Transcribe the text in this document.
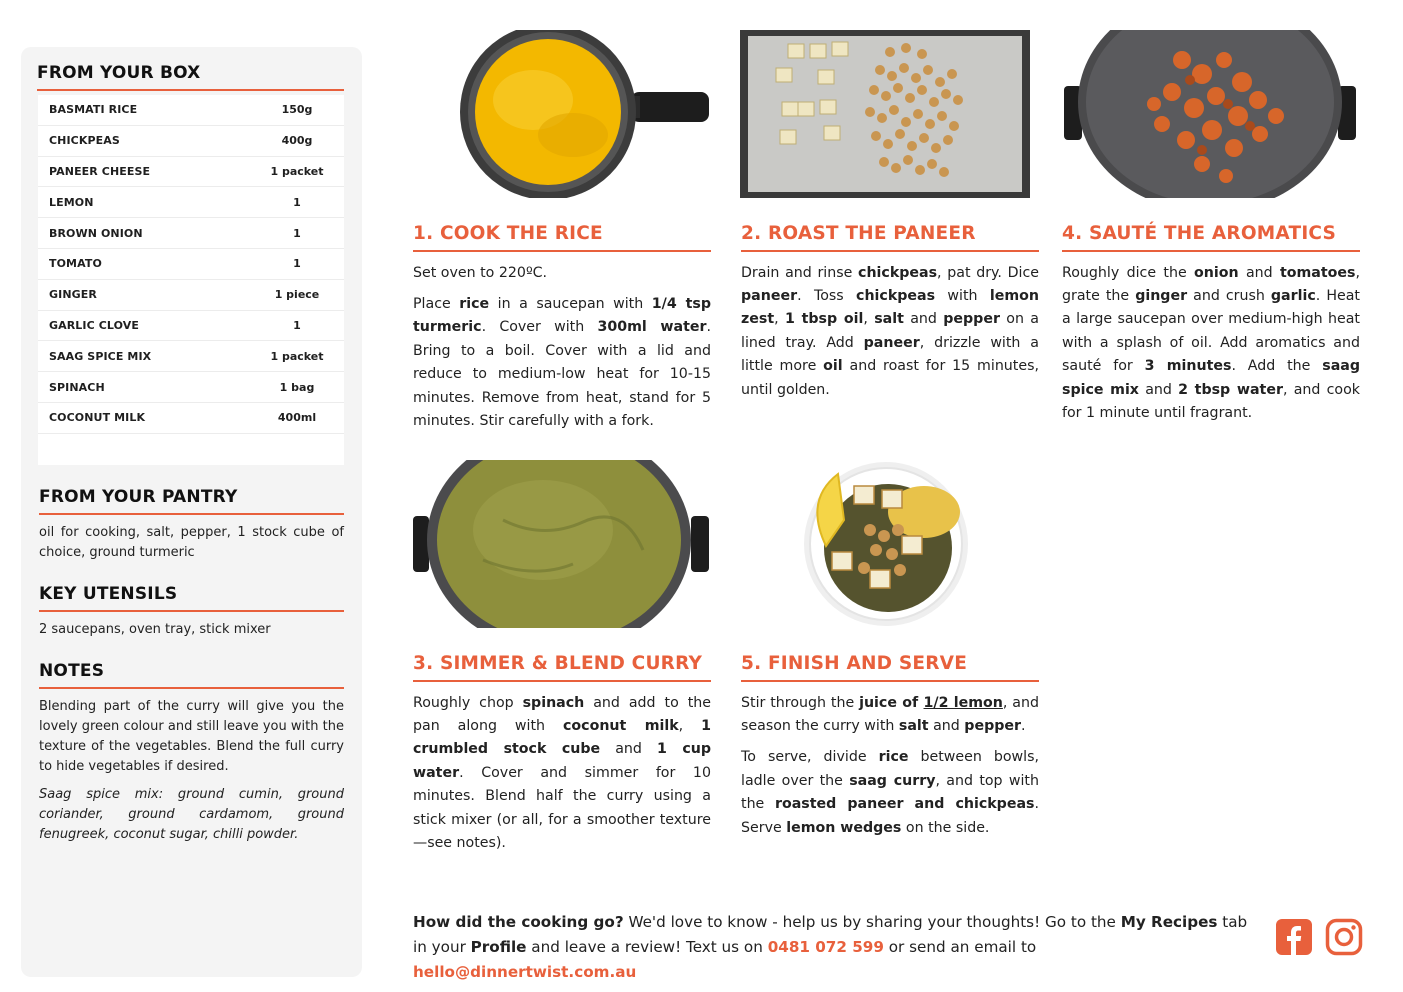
FROM YOUR BOX
BASMATI RICE	150g
CHICKPEAS	400g
PANEER CHEESE	1 packet
LEMON	1
BROWN ONION	1
TOMATO	1
GINGER	1 piece
GARLIC CLOVE	1
SAAG SPICE MIX	1 packet
SPINACH	1 bag
COCONUT MILK	400ml
FROM YOUR PANTRY

oil for cooking, salt, pepper, 1 stock cube of choice, ground turmeric

KEY UTENSILS

2 saucepans, oven tray, stick mixer

NOTES

Blending part of the curry will give you the lovely green colour and still leave you with the texture of the vegetables. Blend the full curry to hide vegetables if desired.

Saag spice mix: ground cumin, ground coriander, ground cardamom, ground fenugreek, coconut sugar, chilli powder.

1. COOK THE RICE

Set oven to 220ºC.

Place rice in a saucepan with 1/4 tsp turmeric. Cover with 300ml water. Bring to a boil. Cover with a lid and reduce to medium-low heat for 10-15 minutes. Remove from heat, stand for 5 minutes. Stir carefully with a fork.

2. ROAST THE PANEER

Drain and rinse chickpeas, pat dry. Dice paneer. Toss chickpeas with lemon zest, 1 tbsp oil, salt and pepper on a lined tray. Add paneer, drizzle with a little more oil and roast for 15 minutes, until golden.

4. SAUTÉ THE AROMATICS

Roughly dice the onion and tomatoes, grate the ginger and crush garlic. Heat a large saucepan over medium-high heat with a splash of oil. Add aromatics and sauté for 3 minutes. Add the saag spice mix and 2 tbsp water, and cook for 1 minute until fragrant.

3. SIMMER & BLEND CURRY

Roughly chop spinach and add to the pan along with coconut milk, 1 crumbled stock cube and 1 cup water. Cover and simmer for 10 minutes. Blend half the curry using a stick mixer (or all, for a smoother texture—see notes).

5. FINISH AND SERVE

Stir through the juice of 1/2 lemon, and season the curry with salt and pepper.

To serve, divide rice between bowls, ladle over the saag curry, and top with the roasted paneer and chickpeas. Serve lemon wedges on the side.

How did the cooking go? We'd love to know - help us by sharing your thoughts! Go to the My Recipes tab in your Profile and leave a review! Text us on 0481 072 599 or send an email to hello@dinnertwist.com.au
